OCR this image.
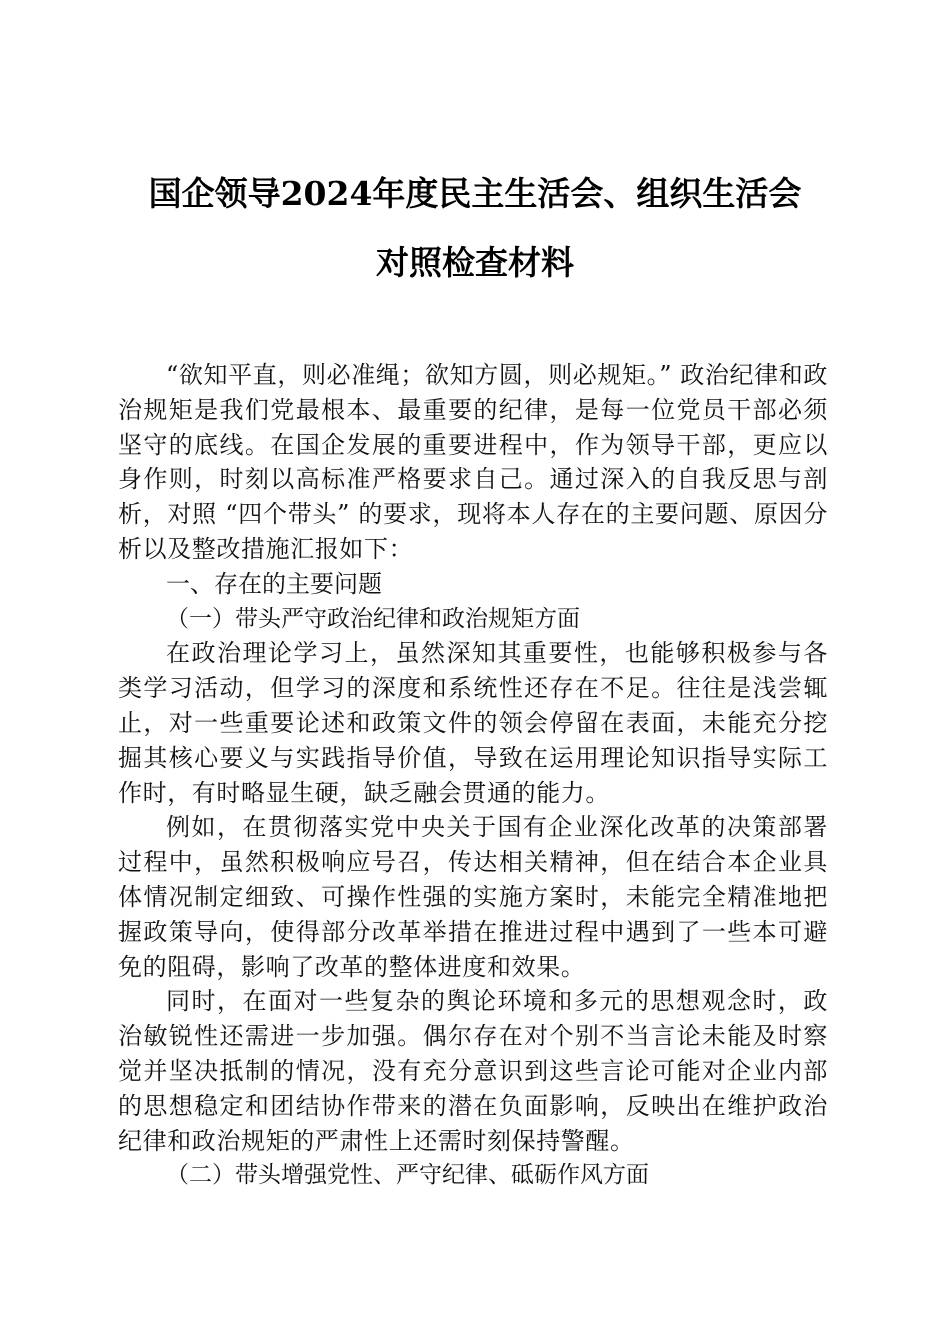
国企领导2024年度民主生活会、组织生活会
对照检查材料

“欲知平直，则必准绳；欲知方圆，则必规矩。” 政治纪律和政治规矩是我们党最根本、最重要的纪律，是每一位党员干部必须坚守的底线。在国企发展的重要进程中，作为领导干部，更应以身作则，时刻以高标准严格要求自己。通过深入的自我反思与剖析，对照 “四个带头” 的要求，现将本人存在的主要问题、原因分析以及整改措施汇报如下：

一、存在的主要问题

（一）带头严守政治纪律和政治规矩方面

在政治理论学习上，虽然深知其重要性，也能够积极参与各类学习活动，但学习的深度和系统性还存在不足。往往是浅尝辄止，对一些重要论述和政策文件的领会停留在表面，未能充分挖掘其核心要义与实践指导价值，导致在运用理论知识指导实际工作时，有时略显生硬，缺乏融会贯通的能力。

例如，在贯彻落实党中央关于国有企业深化改革的决策部署过程中，虽然积极响应号召，传达相关精神，但在结合本企业具体情况制定细致、可操作性强的实施方案时，未能完全精准地把握政策导向，使得部分改革举措在推进过程中遇到了一些本可避免的阻碍，影响了改革的整体进度和效果。

同时，在面对一些复杂的舆论环境和多元的思想观念时，政治敏锐性还需进一步加强。偶尔存在对个别不当言论未能及时察觉并坚决抵制的情况，没有充分意识到这些言论可能对企业内部的思想稳定和团结协作带来的潜在负面影响，反映出在维护政治纪律和政治规矩的严肃性上还需时刻保持警醒。

（二）带头增强党性、严守纪律、砥砺作风方面
